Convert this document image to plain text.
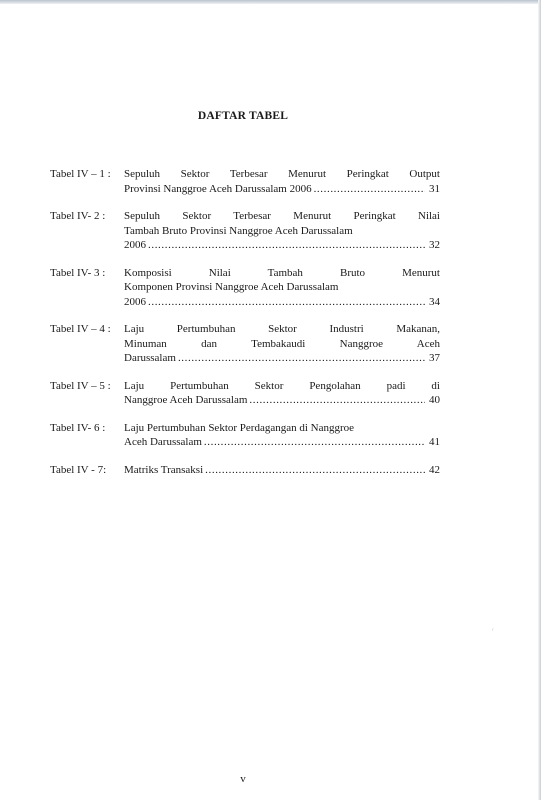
DAFTAR TABEL
Tabel IV – 1 :	Sepuluh Sektor Terbesar Menurut Peringkat Output
Provinsi Nanggroe Aceh Darussalam 2006 .....	31
Tabel IV- 2 :	Sepuluh Sektor Terbesar Menurut Peringkat Nilai
Tambah Bruto Provinsi Nanggroe Aceh Darussalam
2006 .....	32
Tabel IV- 3 :	Komposisi Nilai Tambah Bruto Menurut
Komponen Provinsi Nanggroe Aceh Darussalam
2006 .....	34
Tabel IV – 4 :	Laju Pertumbuhan Sektor Industri Makanan,
Minuman dan Tembakaudi Nanggroe Aceh
Darussalam .....	37
Tabel IV – 5 :	Laju Pertumbuhan Sektor Pengolahan padi di
Nanggroe Aceh Darussalam .....	40
Tabel IV- 6 :	Laju Pertumbuhan Sektor Perdagangan di Nanggroe
Aceh Darussalam .....	41
Tabel IV - 7:	Matriks Transaksi .....	42
ʳ
v
